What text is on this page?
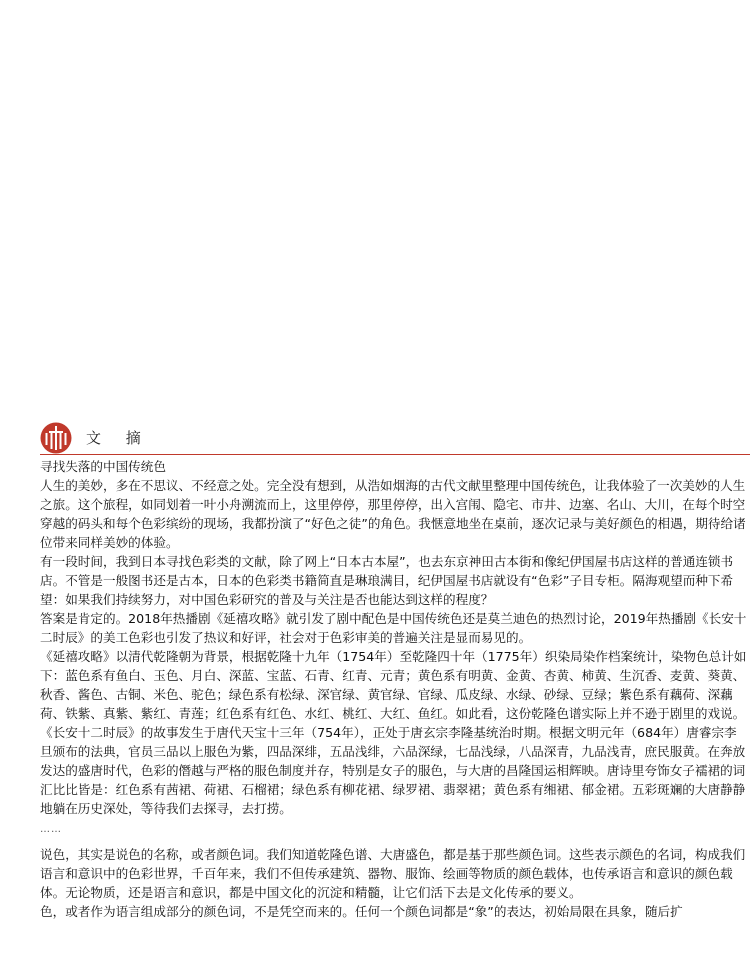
文 摘

寻找失落的中国传统色

人生的美妙，多在不思议、不经意之处。完全没有想到，从浩如烟海的古代文献里整理中国传统色，让我体验了一次美妙的人生之旅。这个旅程，如同划着一叶小舟溯流而上，这里停停，那里停停，出入宫闱、隐宅、市井、边塞、名山、大川，在每个时空穿越的码头和每个色彩缤纷的现场，我都扮演了“好色之徒”的角色。我惬意地坐在桌前，逐次记录与美好颜色的相遇，期待给诸位带来同样美妙的体验。

有一段时间，我到日本寻找色彩类的文献，除了网上“日本古本屋”，也去东京神田古本街和像纪伊国屋书店这样的普通连锁书店。不管是一般图书还是古本，日本的色彩类书籍简直是琳琅满目，纪伊国屋书店就设有“色彩”子目专柜。隔海观望而种下希望：如果我们持续努力，对中国色彩研究的普及与关注是否也能达到这样的程度？

答案是肯定的。2018年热播剧《延禧攻略》就引发了剧中配色是中国传统色还是莫兰迪色的热烈讨论，2019年热播剧《长安十二时辰》的美工色彩也引发了热议和好评，社会对于色彩审美的普遍关注是显而易见的。

《延禧攻略》以清代乾隆朝为背景，根据乾隆十九年（1754年）至乾隆四十年（1775年）织染局染作档案统计，染物色总计如下：蓝色系有鱼白、玉色、月白、深蓝、宝蓝、石青、红青、元青；黄色系有明黄、金黄、杏黄、柿黄、生沉香、麦黄、葵黄、秋香、酱色、古铜、米色、驼色；绿色系有松绿、深官绿、黄官绿、官绿、瓜皮绿、水绿、砂绿、豆绿；紫色系有藕荷、深藕荷、铁紫、真紫、紫红、青莲；红色系有红色、水红、桃红、大红、鱼红。如此看，这份乾隆色谱实际上并不逊于剧里的戏说。

《长安十二时辰》的故事发生于唐代天宝十三年（754年），正处于唐玄宗李隆基统治时期。根据文明元年（684年）唐睿宗李旦颁布的法典，官员三品以上服色为紫，四品深绯，五品浅绯，六品深绿，七品浅绿，八品深青，九品浅青，庶民服黄。在奔放发达的盛唐时代，色彩的僭越与严格的服色制度并存，特别是女子的服色，与大唐的昌隆国运相辉映。唐诗里夸饰女子襦裙的词汇比比皆是：红色系有茜裙、荷裙、石榴裙；绿色系有柳花裙、绿罗裙、翡翠裙；黄色系有缃裙、郁金裙。五彩斑斓的大唐静静地躺在历史深处，等待我们去探寻，去打捞。

……

说色，其实是说色的名称，或者颜色词。我们知道乾隆色谱、大唐盛色，都是基于那些颜色词。这些表示颜色的名词，构成我们语言和意识中的色彩世界，千百年来，我们不但传承建筑、器物、服饰、绘画等物质的颜色载体，也传承语言和意识的颜色载体。无论物质，还是语言和意识，都是中国文化的沉淀和精髓，让它们活下去是文化传承的要义。

色，或者作为语言组成部分的颜色词，不是凭空而来的。任何一个颜色词都是“象”的表达，初始局限在具象，随后扩
